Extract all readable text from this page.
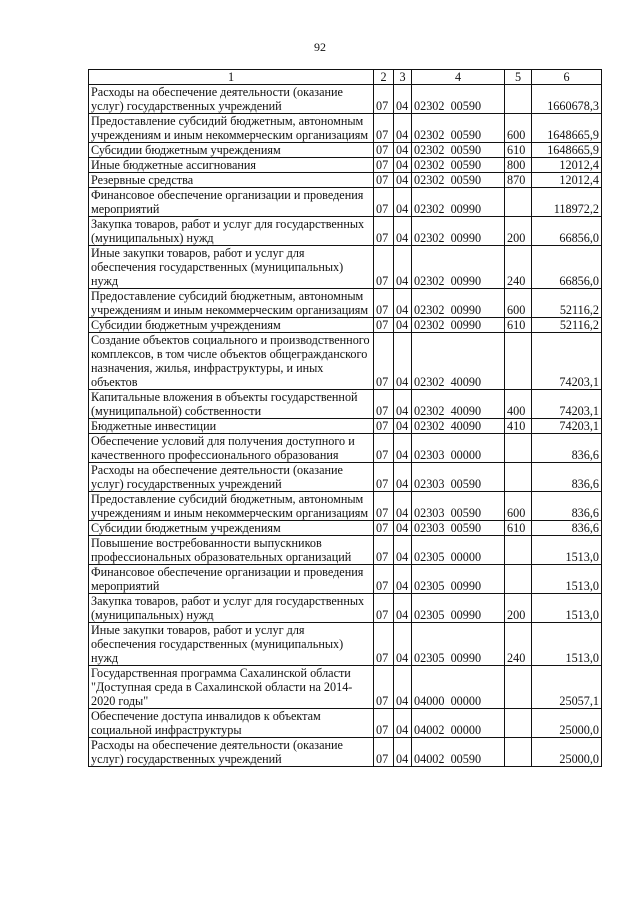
92
1	2	3	4	5	6
Расходы на обеспечение деятельности (оказание услуг) государственных учреждений	07	04	02302  00590		1660678,3
Предоставление субсидий бюджетным, автономным учреждениям и иным некоммерческим организациям	07	04	02302  00590	600	1648665,9
Субсидии бюджетным учреждениям	07	04	02302  00590	610	1648665,9
Иные бюджетные ассигнования	07	04	02302  00590	800	12012,4
Резервные средства	07	04	02302  00590	870	12012,4
Финансовое обеспечение организации и проведения мероприятий	07	04	02302  00990		118972,2
Закупка товаров, работ и услуг для государственных (муниципальных) нужд	07	04	02302  00990	200	66856,0
Иные закупки товаров, работ и услуг для обеспечения государственных (муниципальных) нужд	07	04	02302  00990	240	66856,0
Предоставление субсидий бюджетным, автономным учреждениям и иным некоммерческим организациям	07	04	02302  00990	600	52116,2
Субсидии бюджетным учреждениям	07	04	02302  00990	610	52116,2
Создание объектов социального и производственного комплексов, в том числе объектов общегражданского назначения, жилья, инфраструктуры, и иных объектов	07	04	02302  40090		74203,1
Капитальные вложения в объекты государственной (муниципальной) собственности	07	04	02302  40090	400	74203,1
Бюджетные инвестиции	07	04	02302  40090	410	74203,1
Обеспечение условий для получения доступного и качественного профессионального образования	07	04	02303  00000		836,6
Расходы на обеспечение деятельности (оказание услуг) государственных учреждений	07	04	02303  00590		836,6
Предоставление субсидий бюджетным, автономным учреждениям и иным некоммерческим организациям	07	04	02303  00590	600	836,6
Субсидии бюджетным учреждениям	07	04	02303  00590	610	836,6
Повышение востребованности выпускников профессиональных образовательных организаций	07	04	02305  00000		1513,0
Финансовое обеспечение организации и проведения мероприятий	07	04	02305  00990		1513,0
Закупка товаров, работ и услуг для государственных (муниципальных) нужд	07	04	02305  00990	200	1513,0
Иные закупки товаров, работ и услуг для обеспечения государственных (муниципальных) нужд	07	04	02305  00990	240	1513,0
Государственная программа Сахалинской области "Доступная среда в Сахалинской области на 2014-2020 годы"	07	04	04000  00000		25057,1
Обеспечение доступа инвалидов к объектам социальной инфраструктуры	07	04	04002  00000		25000,0
Расходы на обеспечение деятельности (оказание услуг) государственных учреждений	07	04	04002  00590		25000,0
